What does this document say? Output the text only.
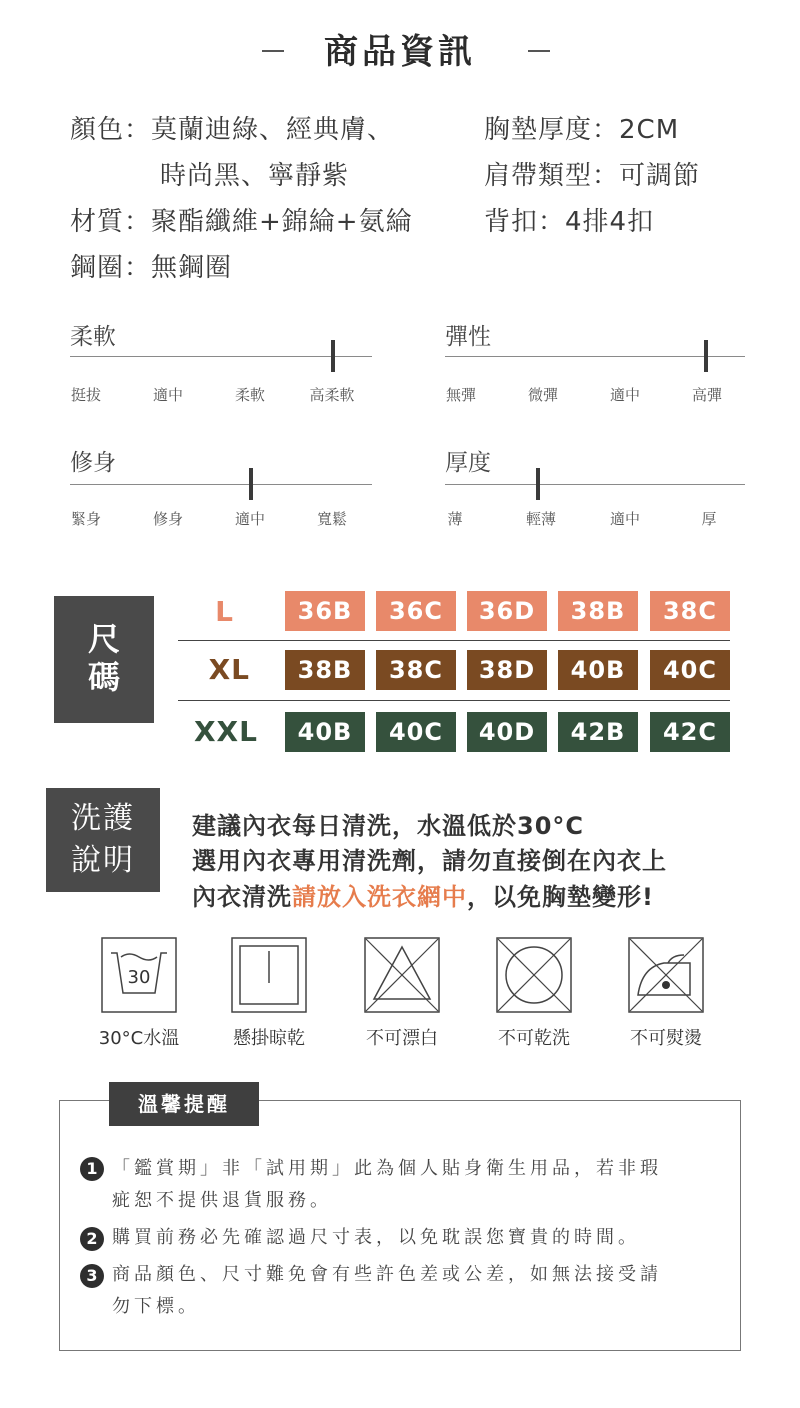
商品資訊
顏色：莫蘭迪綠、經典膚、
時尚黑、寧靜紫
材質：聚酯纖維+錦綸+氨綸
鋼圈：無鋼圈
胸墊厚度：2CM
肩帶類型：可調節
背扣：4排4扣
柔軟
挺拔	適中	柔軟	高柔軟
彈性
無彈	微彈	適中	高彈
修身
緊身	修身	適中	寬鬆
厚度
薄	輕薄	適中	厚
尺碼
L	36B	36C	36D	38B	38C
XL	38B	38C	38D	40B	40C
XXL	40B	40C	40D	42B	42C
洗護說明
建議內衣每日清洗，水溫低於30°C
選用內衣專用清洗劑，請勿直接倒在內衣上
內衣清洗請放入洗衣網中，以免胸墊變形!
30
30°C水溫	懸掛晾乾	不可漂白	不可乾洗	不可熨燙
溫馨提醒
1 「鑑賞期」非「試用期」此為個人貼身衛生用品，若非瑕
疵恕不提供退貨服務。
2 購買前務必先確認過尺寸表，以免耽誤您寶貴的時間。
3 商品顏色、尺寸難免會有些許色差或公差，如無法接受請
勿下標。
